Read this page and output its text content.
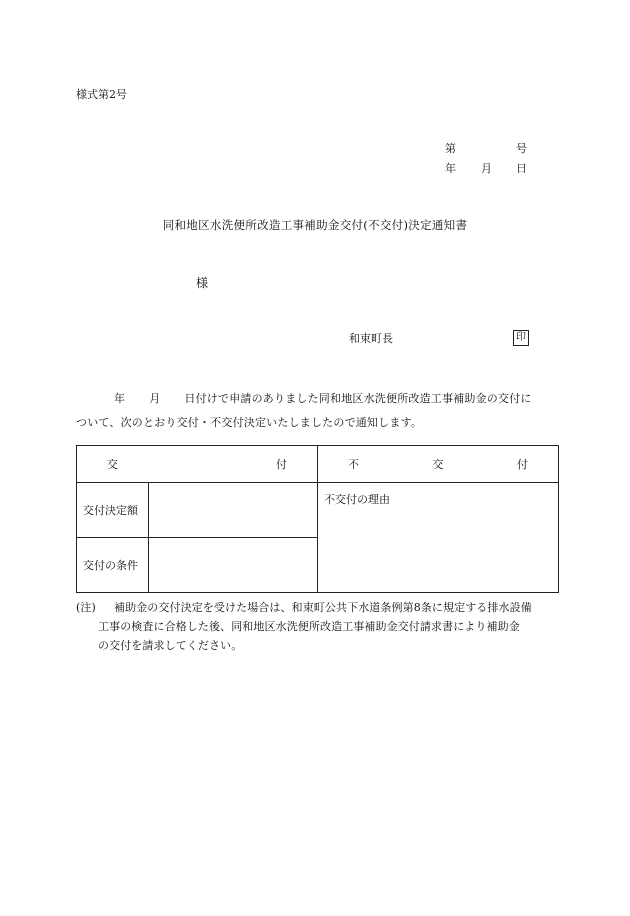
様式第2号
第	号
年 月 日
同和地区水洗便所改造工事補助金交付(不交付)決定通知書
様
和束町長	印
年 月 日付けで申請のありました同和地区水洗便所改造工事補助金の交付に
ついて、次のとおり交付・不交付決定いたしましたので通知します。
交 付		不 交 付

交付決定額		不交付の理由
交付の条件		
(注) 補助金の交付決定を受けた場合は、和束町公共下水道条例第8条に規定する排水設備
工事の検査に合格した後、同和地区水洗便所改造工事補助金交付請求書により補助金
の交付を請求してください。
